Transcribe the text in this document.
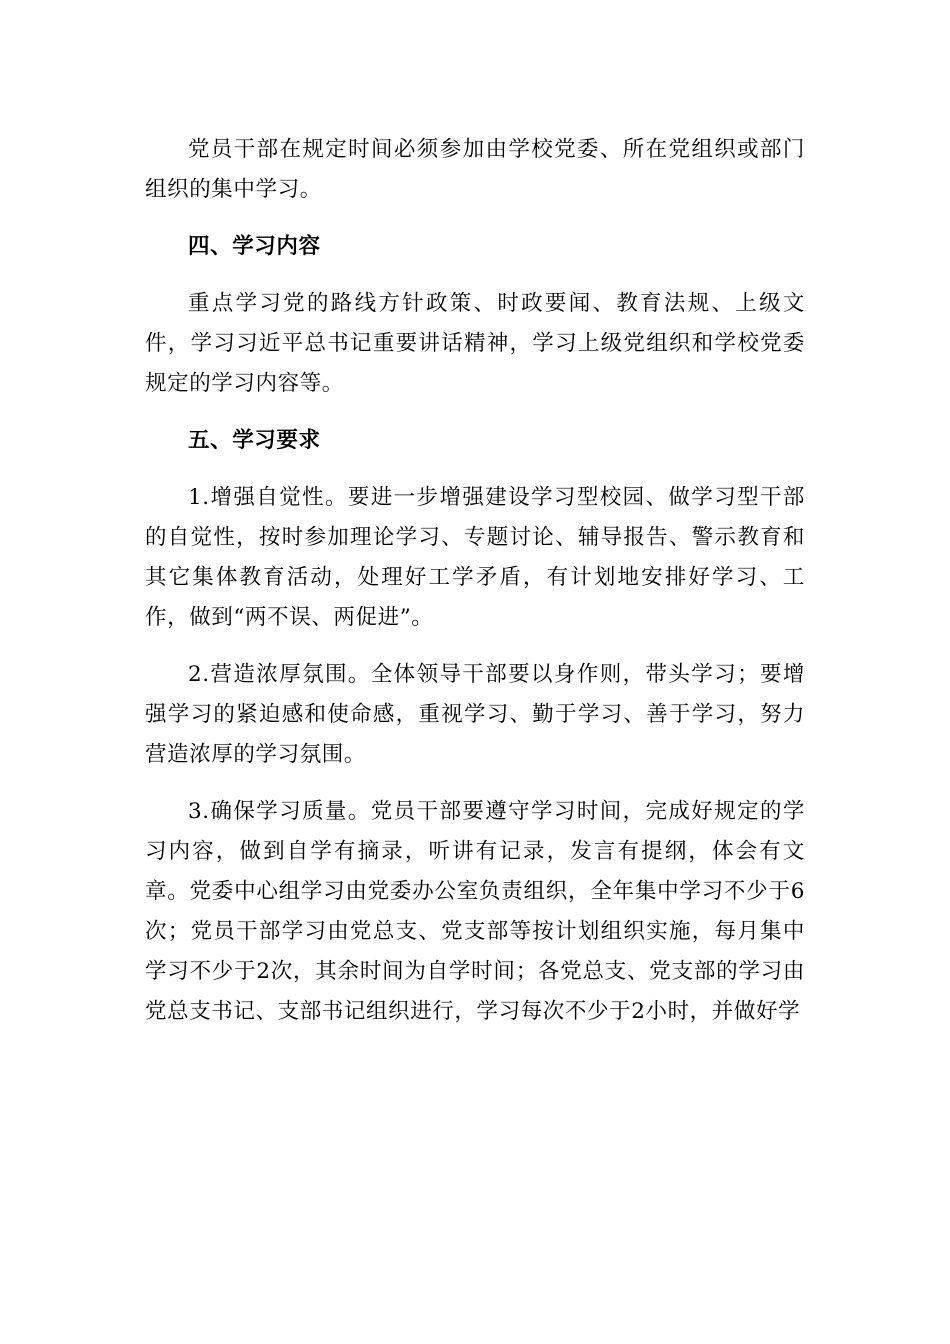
党员干部在规定时间必须参加由学校党委、所在党组织或部门组织的集中学习。

四、学习内容

重点学习党的路线方针政策、时政要闻、教育法规、上级文件，学习习近平总书记重要讲话精神，学习上级党组织和学校党委规定的学习内容等。

五、学习要求

1.增强自觉性。要进一步增强建设学习型校园、做学习型干部的自觉性，按时参加理论学习、专题讨论、辅导报告、警示教育和其它集体教育活动，处理好工学矛盾，有计划地安排好学习、工作，做到“两不误、两促进”。

2.营造浓厚氛围。全体领导干部要以身作则，带头学习；要增强学习的紧迫感和使命感，重视学习、勤于学习、善于学习，努力营造浓厚的学习氛围。

3.确保学习质量。党员干部要遵守学习时间，完成好规定的学习内容，做到自学有摘录，听讲有记录，发言有提纲，体会有文章。党委中心组学习由党委办公室负责组织，全年集中学习不少于6次；党员干部学习由党总支、党支部等按计划组织实施，每月集中学习不少于2次，其余时间为自学时间；各党总支、党支部的学习由党总支书记、支部书记组织进行，学习每次不少于2小时，并做好学
